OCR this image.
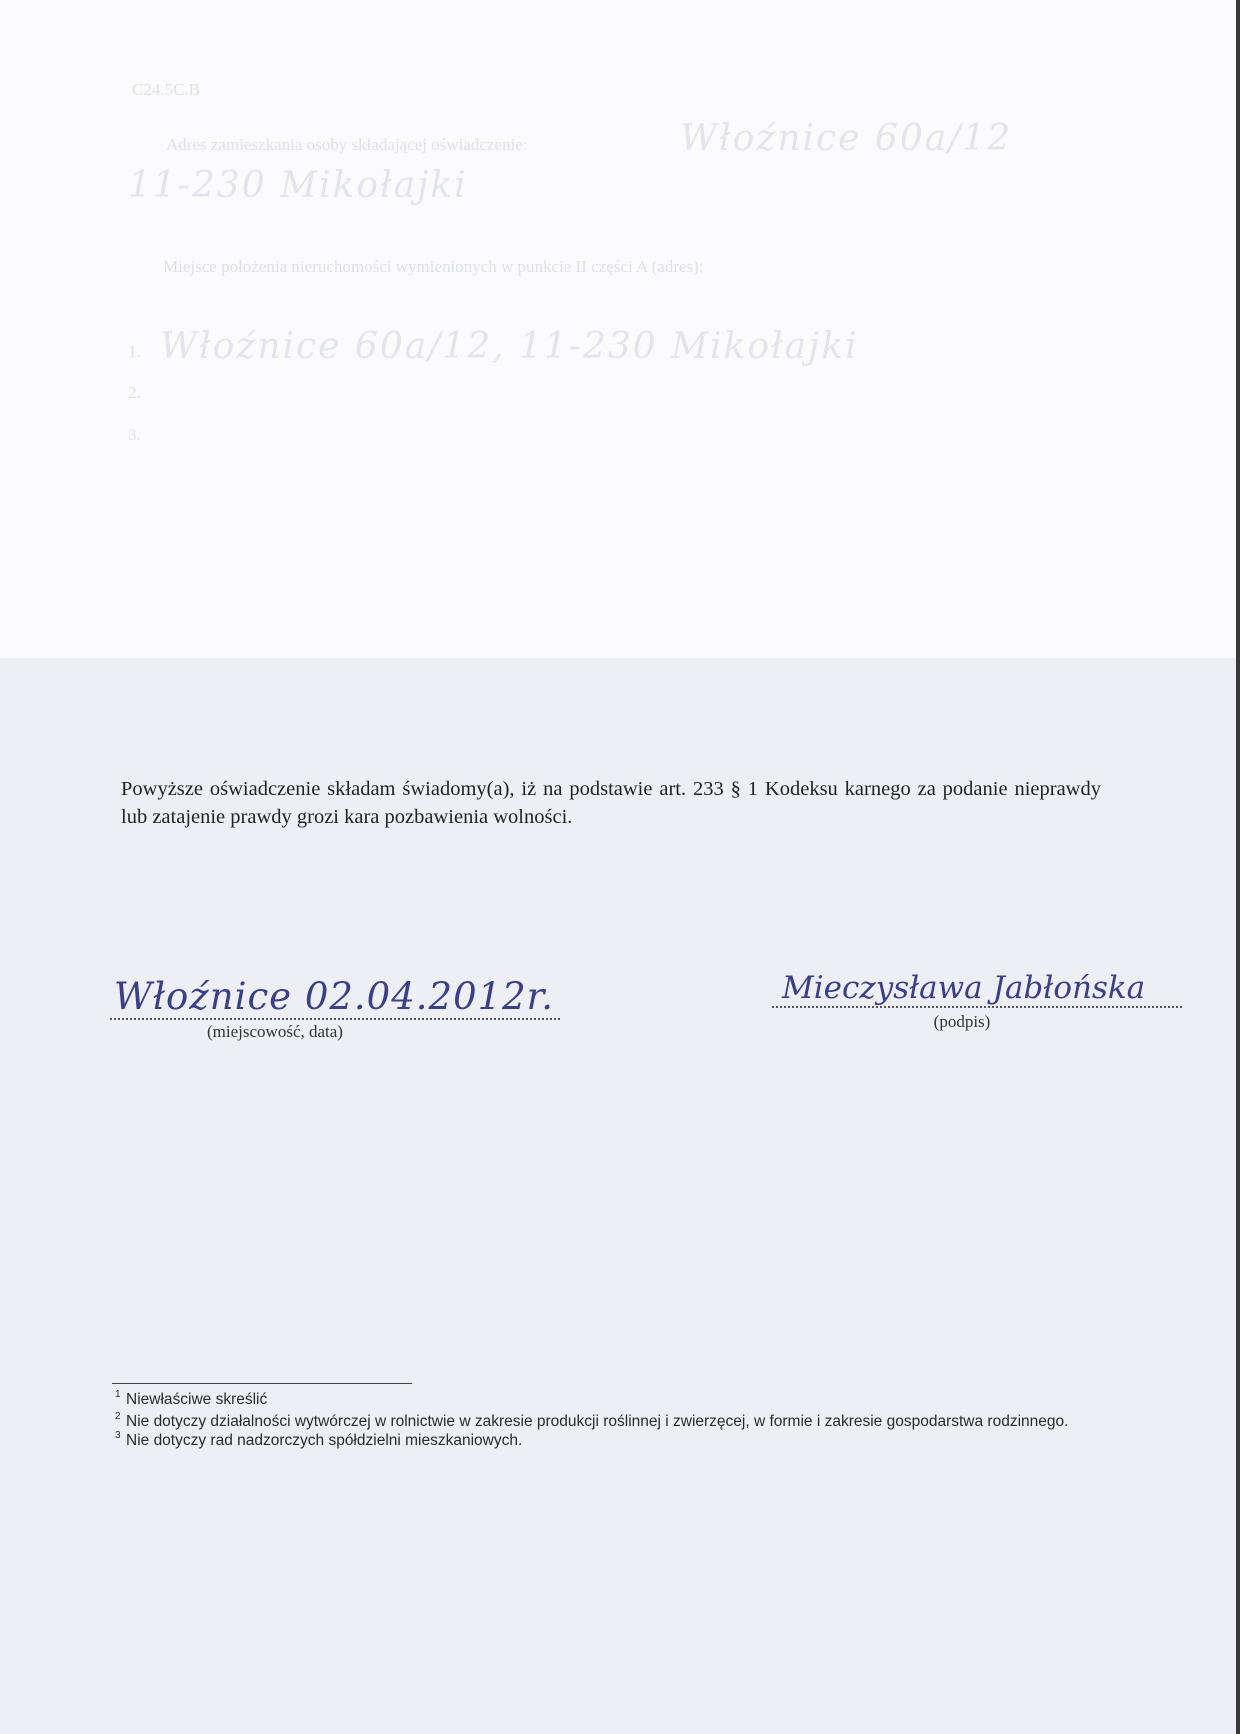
C24.5C.B
Adres zamieszkania osoby składającej oświadczenie:	Włoźnice 60a/12
11-230 Mikołajki
Miejsce położenia nieruchomości wymienionych w punkcie II części A (adres):
1. Włoźnice 60a/12, 11-230 Mikołajki
2.
3.

Powyższe oświadczenie składam świadomy(a), iż na podstawie art. 233 § 1 Kodeksu karnego za podanie nieprawdy lub zatajenie prawdy grozi kara pozbawienia wolności.

Włoźnice 02.04.2012r.
(miejscowość, data)
Mieczysława Jabłońska
(podpis)
1 Niewłaściwe skreślić
2 Nie dotyczy działalności wytwórczej w rolnictwie w zakresie produkcji roślinnej i zwierzęcej, w formie i zakresie gospodarstwa rodzinnego.
3 Nie dotyczy rad nadzorczych spółdzielni mieszkaniowych.
